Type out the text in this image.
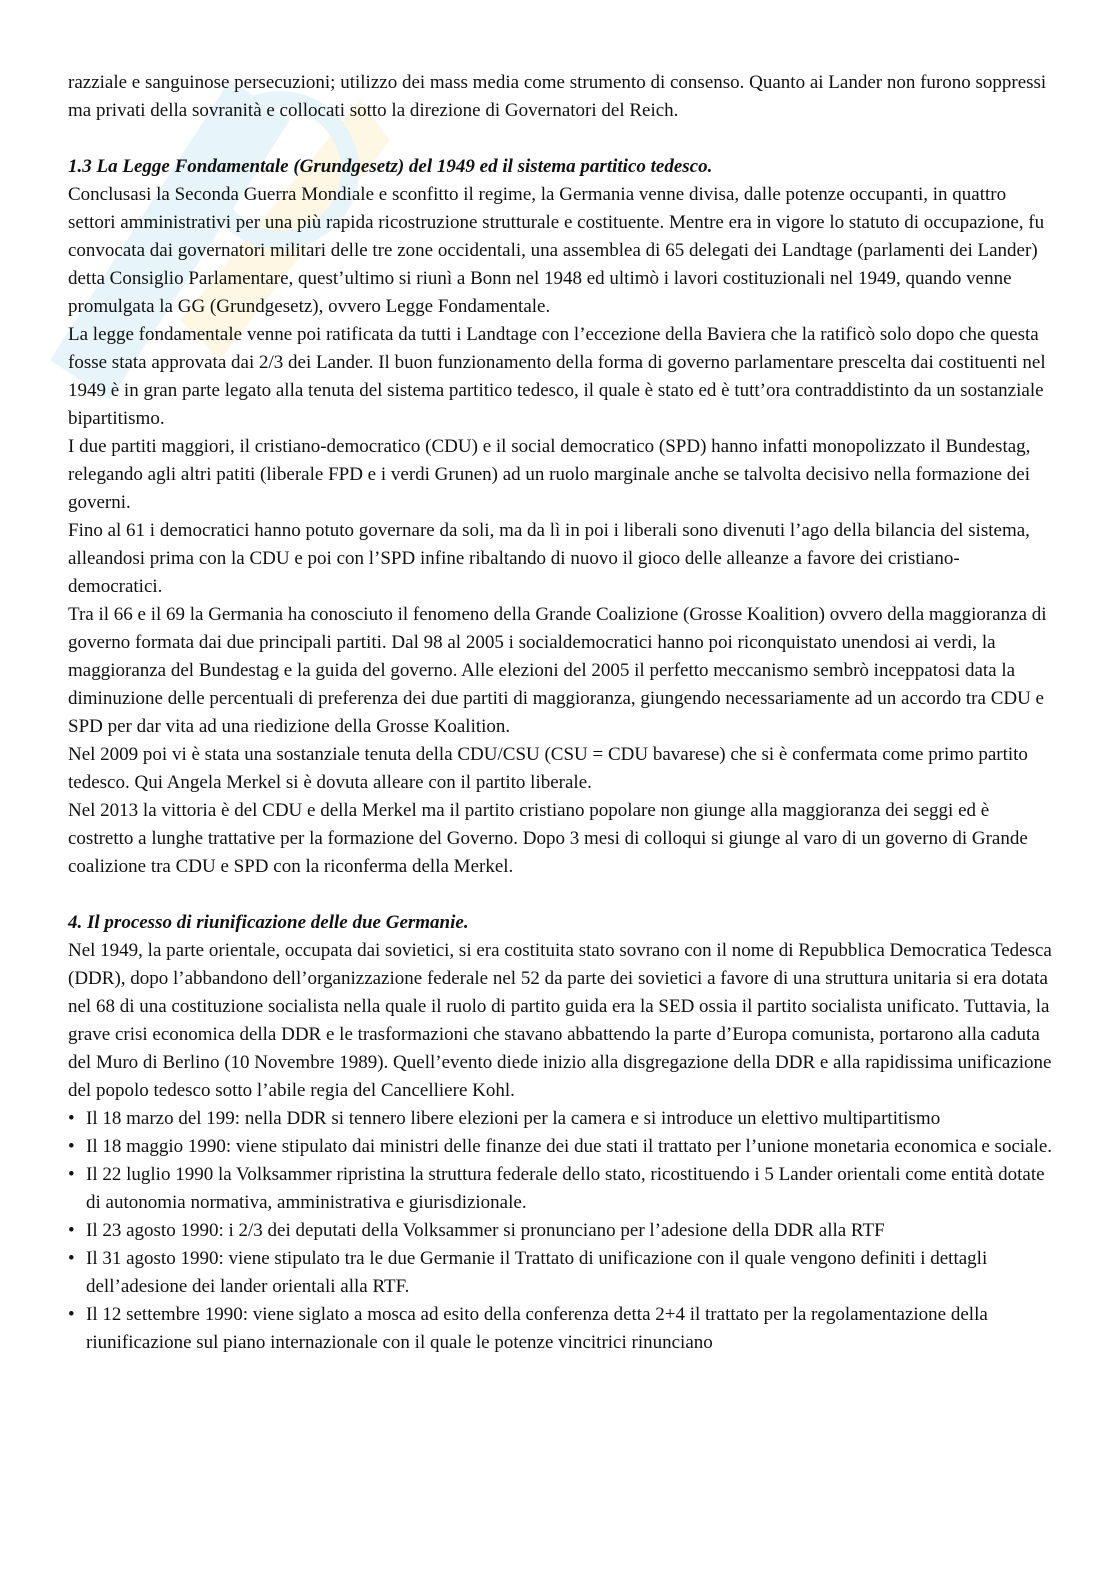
razziale e sanguinose persecuzioni; utilizzo dei mass media come strumento di consenso. Quanto ai Lander non furono soppressi ma privati della sovranità e collocati sotto la direzione di Governatori del Reich.

1.3 La Legge Fondamentale (Grundgesetz) del 1949 ed il sistema partitico tedesco.

Conclusasi la Seconda Guerra Mondiale e sconfitto il regime, la Germania venne divisa, dalle potenze occupanti, in quattro settori amministrativi per una più rapida ricostruzione strutturale e costituente. Mentre era in vigore lo statuto di occupazione, fu convocata dai governatori militari delle tre zone occidentali, una assemblea di 65 delegati dei Landtage (parlamenti dei Lander) detta Consiglio Parlamentare, quest’ultimo si riunì a Bonn nel 1948 ed ultimò i lavori costituzionali nel 1949, quando venne promulgata la GG (Grundgesetz), ovvero Legge Fondamentale.

La legge fondamentale venne poi ratificata da tutti i Landtage con l’eccezione della Baviera che la ratificò solo dopo che questa fosse stata approvata dai 2/3 dei Lander. Il buon funzionamento della forma di governo parlamentare prescelta dai costituenti nel 1949 è in gran parte legato alla tenuta del sistema partitico tedesco, il quale è stato ed è tutt’ora contraddistinto da un sostanziale bipartitismo.

I due partiti maggiori, il cristiano-democratico (CDU) e il social democratico (SPD) hanno infatti monopolizzato il Bundestag, relegando agli altri patiti (liberale FPD e i verdi Grunen) ad un ruolo marginale anche se talvolta decisivo nella formazione dei governi.

Fino al 61 i democratici hanno potuto governare da soli, ma da lì in poi i liberali sono divenuti l’ago della bilancia del sistema, alleandosi prima con la CDU e poi con l’SPD infine ribaltando di nuovo il gioco delle alleanze a favore dei cristiano-democratici.

Tra il 66 e il 69 la Germania ha conosciuto il fenomeno della Grande Coalizione (Grosse Koalition) ovvero della maggioranza di governo formata dai due principali partiti. Dal 98 al 2005 i socialdemocratici hanno poi riconquistato unendosi ai verdi, la maggioranza del Bundestag e la guida del governo. Alle elezioni del 2005 il perfetto meccanismo sembrò inceppatosi data la diminuzione delle percentuali di preferenza dei due partiti di maggioranza, giungendo necessariamente ad un accordo tra CDU e SPD per dar vita ad una riedizione della Grosse Koalition.

Nel 2009 poi vi è stata una sostanziale tenuta della CDU/CSU (CSU = CDU bavarese) che si è confermata come primo partito tedesco. Qui Angela Merkel si è dovuta alleare con il partito liberale.

Nel 2013 la vittoria è del CDU e della Merkel ma il partito cristiano popolare non giunge alla maggioranza dei seggi ed è costretto a lunghe trattative per la formazione del Governo. Dopo 3 mesi di colloqui si giunge al varo di un governo di Grande coalizione tra CDU e SPD con la riconferma della Merkel.

4. Il processo di riunificazione delle due Germanie.

Nel 1949, la parte orientale, occupata dai sovietici, si era costituita stato sovrano con il nome di Repubblica Democratica Tedesca (DDR), dopo l’abbandono dell’organizzazione federale nel 52 da parte dei sovietici a favore di una struttura unitaria si era dotata nel 68 di una costituzione socialista nella quale il ruolo di partito guida era la SED ossia il partito socialista unificato. Tuttavia, la grave crisi economica della DDR e le trasformazioni che stavano abbattendo la parte d’Europa comunista, portarono alla caduta del Muro di Berlino (10 Novembre 1989). Quell’evento diede inizio alla disgregazione della DDR e alla rapidissima unificazione del popolo tedesco sotto l’abile regia del Cancelliere Kohl.

• Il 18 marzo del 199: nella DDR si tennero libere elezioni per la camera e si introduce un elettivo multipartitismo
• Il 18 maggio 1990: viene stipulato dai ministri delle finanze dei due stati il trattato per l’unione monetaria economica e sociale.
• Il 22 luglio 1990 la Volksammer ripristina la struttura federale dello stato, ricostituendo i 5 Lander orientali come entità dotate di autonomia normativa, amministrativa e giurisdizionale.
• Il 23 agosto 1990: i 2/3 dei deputati della Volksammer si pronunciano per l’adesione della DDR alla RTF
• Il 31 agosto 1990: viene stipulato tra le due Germanie il Trattato di unificazione con il quale vengono definiti i dettagli dell’adesione dei lander orientali alla RTF.
• Il 12 settembre 1990: viene siglato a mosca ad esito della conferenza detta 2+4 il trattato per la regolamentazione della riunificazione sul piano internazionale con il quale le potenze vincitrici rinunciano
